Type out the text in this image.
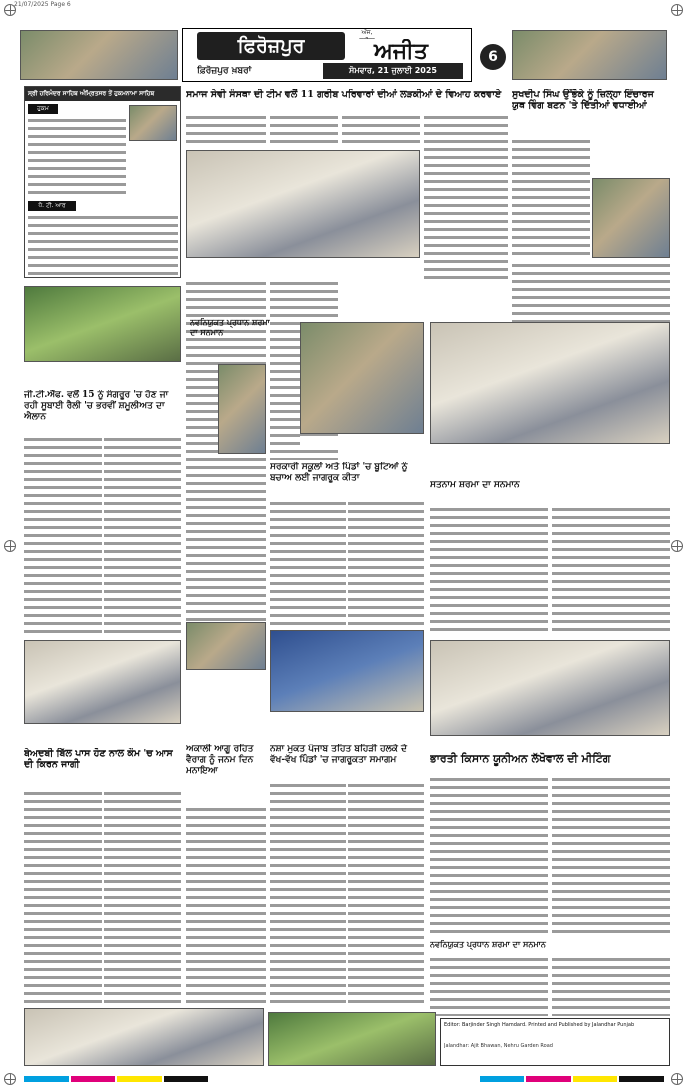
21/07/2025 Page 6
ਫਿਰੋਜ਼ਪੁਰ
ਅੱਜ,
ਅਜੀਤ
ਫ਼ਿਰੋਜ਼ਪੁਰ ਖ਼ਬਰਾਂ	ਸੋਮਵਾਰ, 21 ਜੁਲਾਈ 2025
6
ਸ੍ਰੀ ਹਰਿਮੰਦਰ ਸਾਹਿਬ ਅੰਮ੍ਰਿਤਸਰ ਤੋਂ ਹੁਕਮਨਾਮਾ ਸਾਹਿਬ
ਹੁਕਮ
ਧੋ. ਟੀ. ਆਰ
ਸਮਾਜ ਸੇਵੀ ਸੰਸਥਾ ਦੀ ਟੀਮ ਵਲੋਂ 11 ਗਰੀਬ ਪਰਿਵਾਰਾਂ ਦੀਆਂ ਲੜਕੀਆਂ ਦੇ ਵਿਆਹ ਕਰਵਾਏ	ਸੁਖਦੀਪ ਸਿੰਘ ਉੱਭੋਕੇ ਨੂੰ ਜ਼ਿਲ੍ਹਾ ਇੰਚਾਰਜ ਯੁਥ ਵਿੰਗ ਬਣਨ 'ਤੇ ਦਿੱਤੀਆਂ ਵਧਾਈਆਂ
ਜੀ.ਟੀ.ਐੱਫ. ਵਲੋਂ 15 ਨੂੰ ਸੰਗਰੂਰ 'ਚ ਹੋਣ ਜਾ ਰਹੀ ਸੂਬਾਈ ਰੈਲੀ 'ਚ ਭਰਵੀਂ ਸ਼ਮੂਲੀਅਤ ਦਾ ਐਲਾਨ
ਨਵਨਿਯੁਕਤ ਪ੍ਰਧਾਨ ਸ਼ਰਮਾ ਦਾ ਸਨਮਾਨ
ਸਰਕਾਰੀ ਸਕੂਲਾਂ ਅਤੇ ਪਿੰਡਾਂ 'ਚ ਬੂਟਿਆਂ ਨੂੰ ਬਚਾਅ ਲਈ ਜਾਗਰੂਕ ਕੀਤਾ
ਸਤਨਾਮ ਸ਼ਰਮਾ ਦਾ ਸਨਮਾਨ
ਬੇਅਦਬੀ ਬਿੱਲ ਪਾਸ ਹੋਣ ਨਾਲ ਕੌਮ 'ਚ ਆਸ ਦੀ ਕਿਰਨ ਜਾਗੀ
ਅਕਾਲੀ ਆਗੂ ਰਹਿਤ ਵੈਰਾਗ ਨੂੰ ਜਨਮ ਦਿਨ ਮਨਾਇਆ
ਨਸ਼ਾ ਮੁਕਤ ਪੰਜਾਬ ਤਹਿਤ ਬਹਿੜੀ ਹਲਕੇ ਦੇ ਵੱਖ-ਵੱਖ ਪਿੰਡਾਂ 'ਚ ਜਾਗਰੂਕਤਾ ਸਮਾਗਮ	ਭਾਰਤੀ ਕਿਸਾਨ ਯੂਨੀਅਨ ਲੱਖੋਵਾਲ ਦੀ ਮੀਟਿੰਗ
ਨਵਨਿਯੁਕਤ ਪ੍ਰਧਾਨ ਸ਼ਰਮਾ ਦਾ ਸਨਮਾਨ
Editor: Barjinder Singh Hamdard. Printed and Published by Jalandhar Punjab
Jalandhar: Ajit Bhawan, Nehru Garden Road
